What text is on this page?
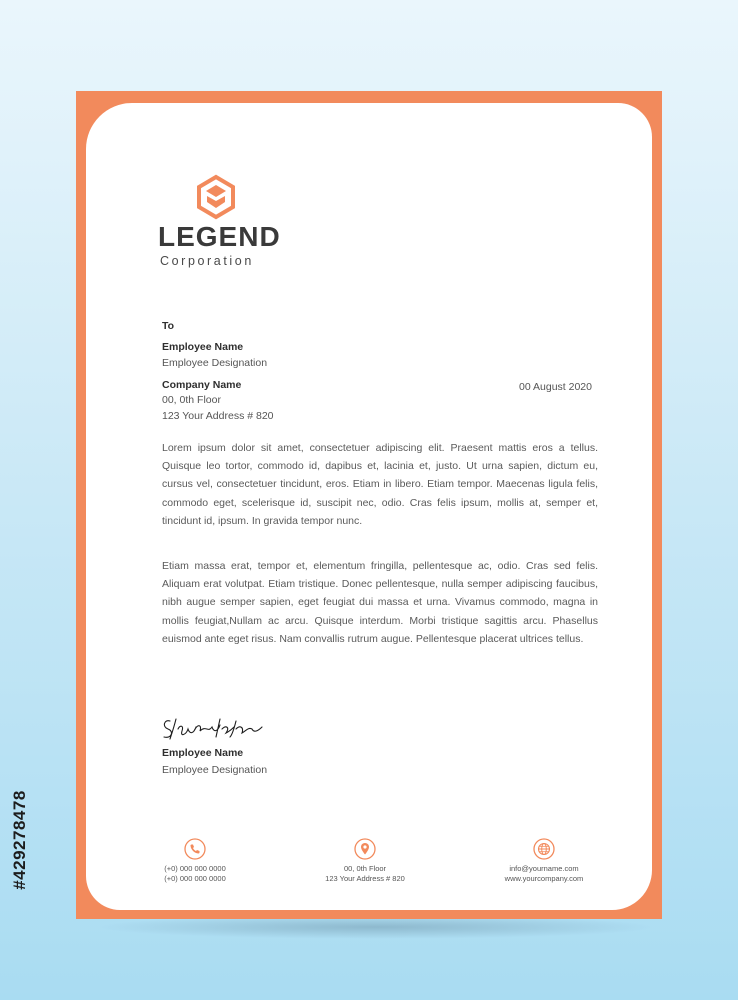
#429278478
LEGEND
Corporation
To
Employee Name
Employee Designation
Company Name
00, 0th Floor
123 Your Address # 820
00 August 2020
Lorem ipsum dolor sit amet, consectetuer adipiscing elit. Praesent mattis eros a tellus. Quisque leo tortor, commodo id, dapibus et, lacinia et, justo. Ut urna sapien, dictum eu, cursus vel, consectetuer tincidunt, eros. Etiam in libero. Etiam tempor. Maecenas ligula felis, commodo eget, scelerisque id, suscipit nec, odio. Cras felis ipsum, mollis at, semper et, tincidunt id, ipsum. In gravida tempor nunc.
Etiam massa erat, tempor et, elementum fringilla, pellentesque ac, odio. Cras sed felis. Aliquam erat volutpat. Etiam tristique. Donec pellentesque, nulla semper adipiscing faucibus, nibh augue semper sapien, eget feugiat dui massa et urna. Vivamus commodo, magna in mollis feugiat,Nullam ac arcu. Quisque interdum. Morbi tristique sagittis arcu. Phasellus euismod ante eget risus. Nam convallis rutrum augue. Pellentesque placerat ultrices tellus.
Employee Name
Employee Designation
(+0) 000 000 0000
(+0) 000 000 0000
00, 0th Floor
123 Your Address # 820
info@yourname.com
www.yourcompany.com
